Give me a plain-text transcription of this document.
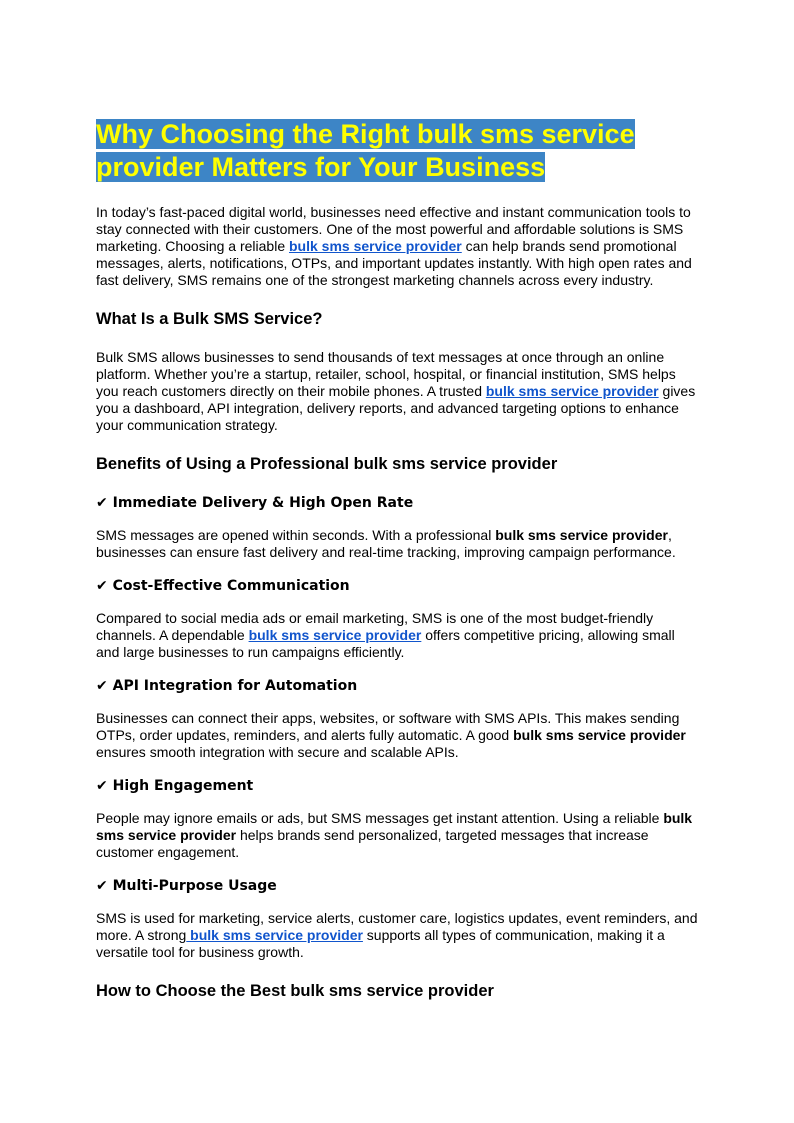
Why Choosing the Right bulk sms service provider Matters for Your Business

In today’s fast-paced digital world, businesses need effective and instant communication tools to stay connected with their customers. One of the most powerful and affordable solutions is SMS marketing. Choosing a reliable bulk sms service provider can help brands send promotional messages, alerts, notifications, OTPs, and important updates instantly. With high open rates and fast delivery, SMS remains one of the strongest marketing channels across every industry.

What Is a Bulk SMS Service?

Bulk SMS allows businesses to send thousands of text messages at once through an online platform. Whether you’re a startup, retailer, school, hospital, or financial institution, SMS helps you reach customers directly on their mobile phones. A trusted bulk sms service provider gives you a dashboard, API integration, delivery reports, and advanced targeting options to enhance your communication strategy.

Benefits of Using a Professional bulk sms service provider
✔ Immediate Delivery & High Open Rate

SMS messages are opened within seconds. With a professional bulk sms service provider, businesses can ensure fast delivery and real-time tracking, improving campaign performance.

✔ Cost-Effective Communication

Compared to social media ads or email marketing, SMS is one of the most budget-friendly channels. A dependable bulk sms service provider offers competitive pricing, allowing small and large businesses to run campaigns efficiently.

✔ API Integration for Automation

Businesses can connect their apps, websites, or software with SMS APIs. This makes sending OTPs, order updates, reminders, and alerts fully automatic. A good bulk sms service provider ensures smooth integration with secure and scalable APIs.

✔ High Engagement

People may ignore emails or ads, but SMS messages get instant attention. Using a reliable bulk sms service provider helps brands send personalized, targeted messages that increase customer engagement.

✔ Multi-Purpose Usage

SMS is used for marketing, service alerts, customer care, logistics updates, event reminders, and more. A strong bulk sms service provider supports all types of communication, making it a versatile tool for business growth.

How to Choose the Best bulk sms service provider
